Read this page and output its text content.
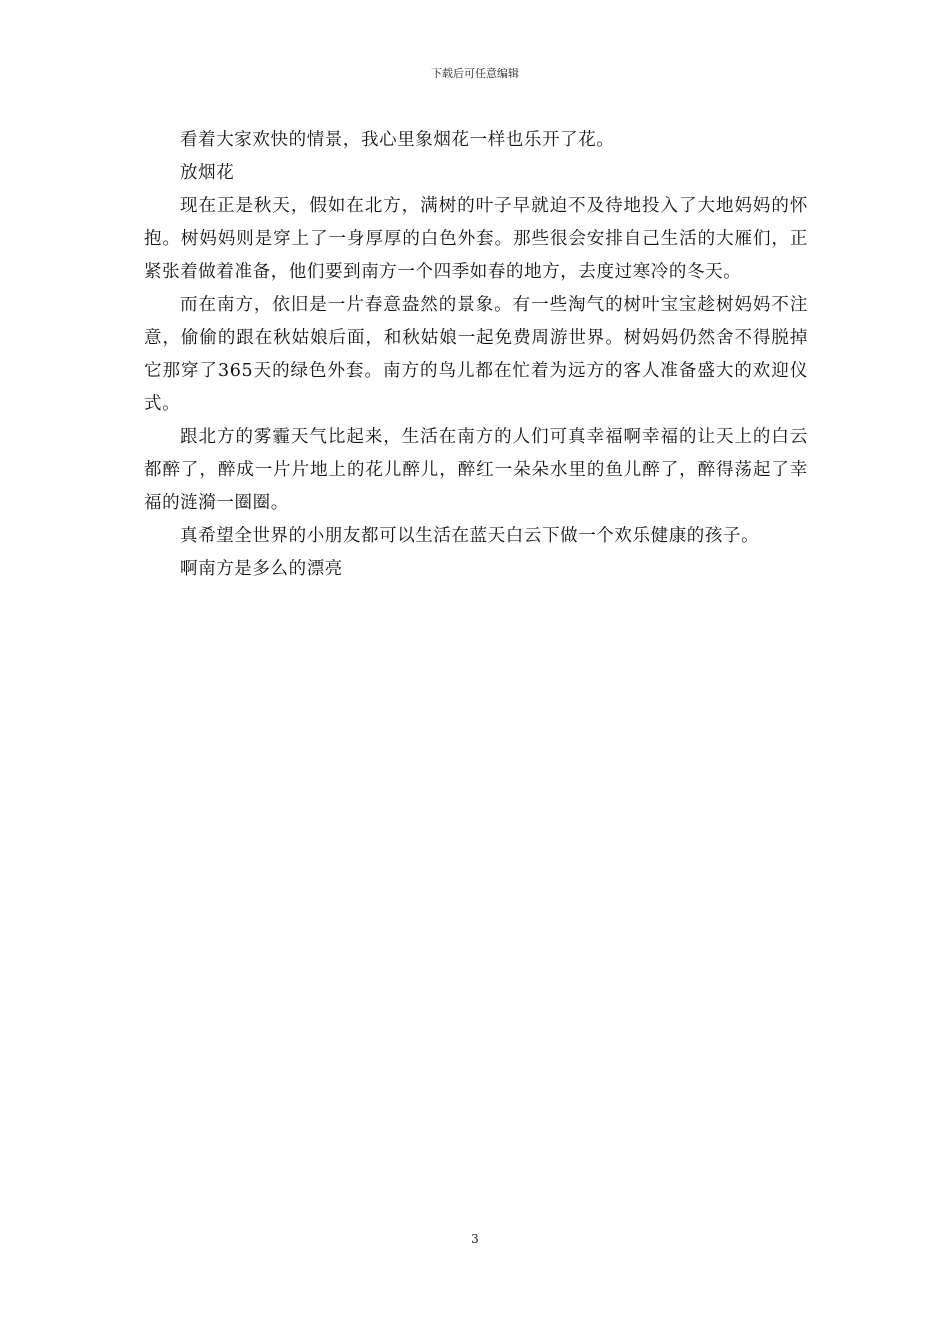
下载后可任意编辑

看着大家欢快的情景，我心里象烟花一样也乐开了花。

放烟花

现在正是秋天，假如在北方，满树的叶子早就迫不及待地投入了大地妈妈的怀抱。树妈妈则是穿上了一身厚厚的白色外套。那些很会安排自己生活的大雁们，正紧张着做着准备，他们要到南方一个四季如春的地方，去度过寒冷的冬天。

而在南方，依旧是一片春意盎然的景象。有一些淘气的树叶宝宝趁树妈妈不注意，偷偷的跟在秋姑娘后面，和秋姑娘一起免费周游世界。树妈妈仍然舍不得脱掉它那穿了365天的绿色外套。南方的鸟儿都在忙着为远方的客人准备盛大的欢迎仪式。

跟北方的雾霾天气比起来，生活在南方的人们可真幸福啊幸福的让天上的白云都醉了，醉成一片片地上的花儿醉儿，醉红一朵朵水里的鱼儿醉了，醉得荡起了幸福的涟漪一圈圈。

真希望全世界的小朋友都可以生活在蓝天白云下做一个欢乐健康的孩子。

啊南方是多么的漂亮

3
